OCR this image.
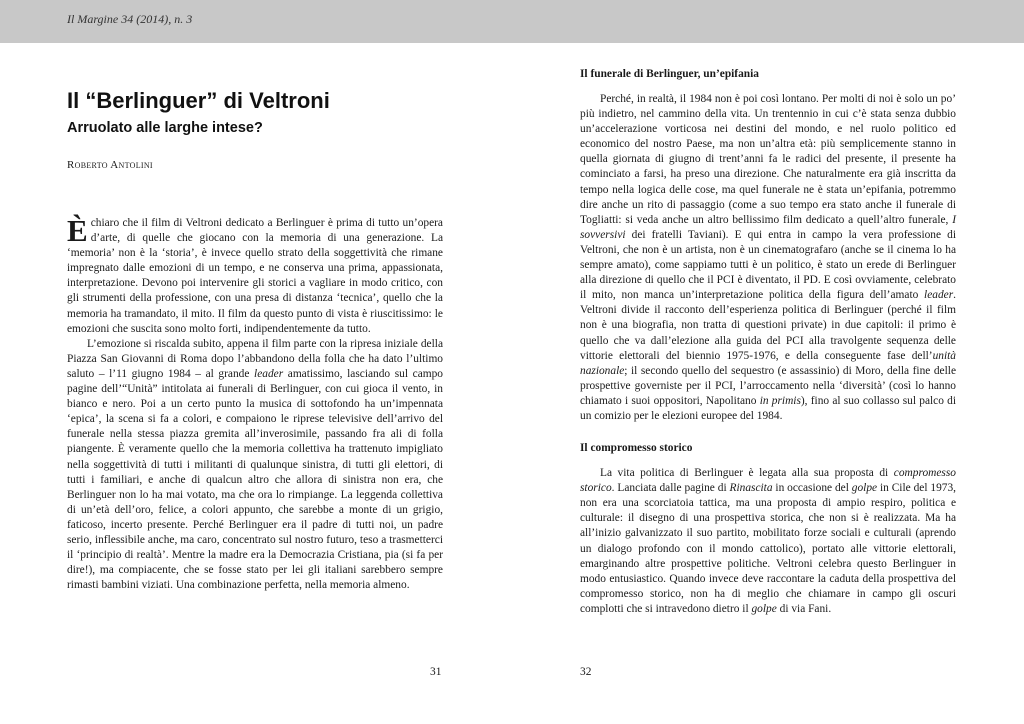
Il Margine 34 (2014), n. 3
Il “Berlinguer” di Veltroni
Arruolato alle larghe intese?
Roberto Antolini

Èchiaro che il film di Veltroni dedicato a Berlinguer è prima di tutto un’opera d’arte, di quelle che giocano con la memoria di una generazione. La ‘memoria’ non è la ‘storia’, è invece quello strato della soggettività che rimane impregnato dalle emozioni di un tempo, e ne conserva una prima, appassionata, interpretazione. Devono poi intervenire gli storici a vagliare in modo critico, con gli strumenti della professione, con una presa di distanza ‘tecnica’, quello che la memoria ha tramandato, il mito. Il film da questo punto di vista è riuscitissimo: le emozioni che suscita sono molto forti, indipendentemente da tutto.

L’emozione si riscalda subito, appena il film parte con la ripresa iniziale della Piazza San Giovanni di Roma dopo l’abbandono della folla che ha dato l’ultimo saluto – l’11 giugno 1984 – al grande leader amatissimo, lasciando sul campo pagine dell’“Unità” intitolata ai funerali di Berlinguer, con cui gioca il vento, in bianco e nero. Poi a un certo punto la musica di sottofondo ha un’impennata ‘epica’, la scena si fa a colori, e compaiono le riprese televisive dell’arrivo del funerale nella stessa piazza gremita all’inverosimile, passando fra ali di folla piangente. È veramente quello che la memoria collettiva ha trattenuto impigliato nella soggettività di tutti i militanti di qualunque sinistra, di tutti gli elettori, di tutti i familiari, e anche di qualcun altro che allora di sinistra non era, che Berlinguer non lo ha mai votato, ma che ora lo rimpiange. La leggenda collettiva di un’età dell’oro, felice, a colori appunto, che sarebbe a monte di un grigio, faticoso, incerto presente. Perché Berlinguer era il padre di tutti noi, un padre serio, inflessibile anche, ma caro, concentrato sul nostro futuro, teso a trasmetterci il ‘principio di realtà’. Mentre la madre era la Democrazia Cristiana, pia (si fa per dire!), ma compiacente, che se fosse stato per lei gli italiani sarebbero sempre rimasti bambini viziati. Una combinazione perfetta, nella memoria almeno.

Il funerale di Berlinguer, un’epifania

Perché, in realtà, il 1984 non è poi così lontano. Per molti di noi è solo un po’ più indietro, nel cammino della vita. Un trentennio in cui c’è stata senza dubbio un’accelerazione vorticosa nei destini del mondo, e nel ruolo politico ed economico del nostro Paese, ma non un’altra età: più semplicemente stanno in quella giornata di giugno di trent’anni fa le radici del presente, il presente ha cominciato a farsi, ha preso una direzione. Che naturalmente era già inscritta da tempo nella logica delle cose, ma quel funerale ne è stata un’epifania, potremmo dire anche un rito di passaggio (come a suo tempo era stato anche il funerale di Togliatti: si veda anche un altro bellissimo film dedicato a quell’altro funerale, I sovversivi dei fratelli Taviani). E qui entra in campo la vera professione di Veltroni, che non è un artista, non è un cinematografaro (anche se il cinema lo ha sempre amato), come sappiamo tutti è un politico, è stato un erede di Berlinguer alla direzione di quello che il PCI è diventato, il PD. E così ovviamente, celebrato il mito, non manca un’interpretazione politica della figura dell’amato leader. Veltroni divide il racconto dell’esperienza politica di Berlinguer (perché il film non è una biografia, non tratta di questioni private) in due capitoli: il primo è quello che va dall’elezione alla guida del PCI alla travolgente sequenza delle vittorie elettorali del biennio 1975-1976, e della conseguente fase dell’unità nazionale; il secondo quello del sequestro (e assassinio) di Moro, della fine delle prospettive governiste per il PCI, l’arroccamento nella ‘diversità’ (così lo hanno chiamato i suoi oppositori, Napolitano in primis), fino al suo collasso sul palco di un comizio per le elezioni europee del 1984.

Il compromesso storico

La vita politica di Berlinguer è legata alla sua proposta di compromesso storico. Lanciata dalle pagine di Rinascita in occasione del golpe in Cile del 1973, non era una scorciatoia tattica, ma una proposta di ampio respiro, politica e culturale: il disegno di una prospettiva storica, che non si è realizzata. Ma ha all’inizio galvanizzato il suo partito, mobilitato forze sociali e culturali (aprendo un dialogo profondo con il mondo cattolico), portato alle vittorie elettorali, emarginando altre prospettive politiche. Veltroni celebra questo Berlinguer in modo entusiastico. Quando invece deve raccontare la caduta della prospettiva del compromesso storico, non ha di meglio che chiamare in campo gli oscuri complotti che si intravedono dietro il golpe di via Fani.

31	32
